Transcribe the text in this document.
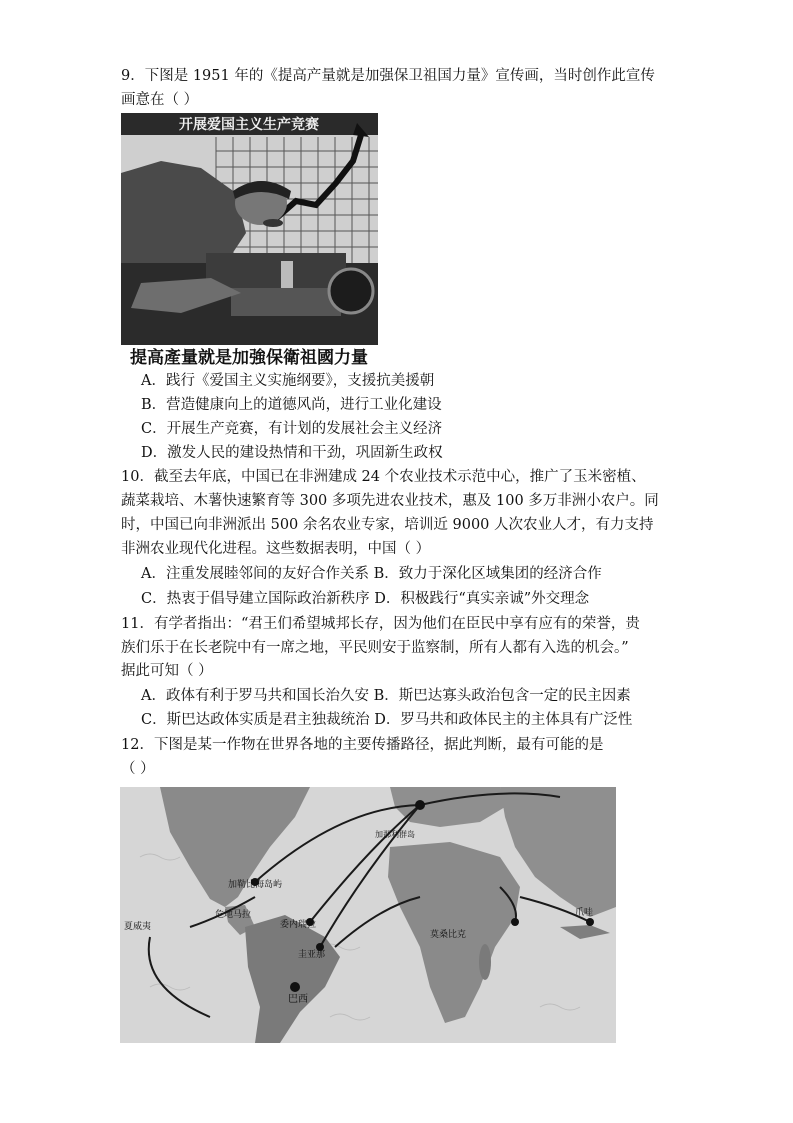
9．下图是 1951 年的《提高产量就是加强保卫祖国力量》宣传画，当时创作此宣传
画意在（ ）
开展爱国主义生产竞赛
提高產量就是加強保衛祖國力量
A．践行《爱国主义实施纲要》，支援抗美援朝
B．营造健康向上的道德风尚，进行工业化建设
C．开展生产竞赛，有计划的发展社会主义经济
D．激发人民的建设热情和干劲，巩固新生政权
10．截至去年底，中国已在非洲建成 24 个农业技术示范中心，推广了玉米密植、
蔬菜栽培、木薯快速繁育等 300 多项先进农业技术，惠及 100 多万非洲小农户。同
时，中国已向非洲派出 500 余名农业专家，培训近 9000 人次农业人才，有力支持
非洲农业现代化进程。这些数据表明，中国（ ）
A．注重发展睦邻间的友好合作关系 B．致力于深化区域集团的经济合作
C．热衷于倡导建立国际政治新秩序 D．积极践行“真实亲诚”外交理念
11．有学者指出：“君王们希望城邦长存，因为他们在臣民中享有应有的荣誉，贵
族们乐于在长老院中有一席之地，平民则安于监察制，所有人都有入选的机会。”
据此可知（ ）
A．政体有利于罗马共和国长治久安 B．斯巴达寡头政治包含一定的民主因素
C．斯巴达政体实质是君主独裁统治 D．罗马共和政体民主的主体具有广泛性
12．下图是某一作物在世界各地的主要传播路径，据此判断，最有可能的是
（ ）
加勒比海岛屿
危地马拉
委内瑞拉
圭亚那
巴西
莫桑比克
夏威夷
加那利群岛
爪哇
